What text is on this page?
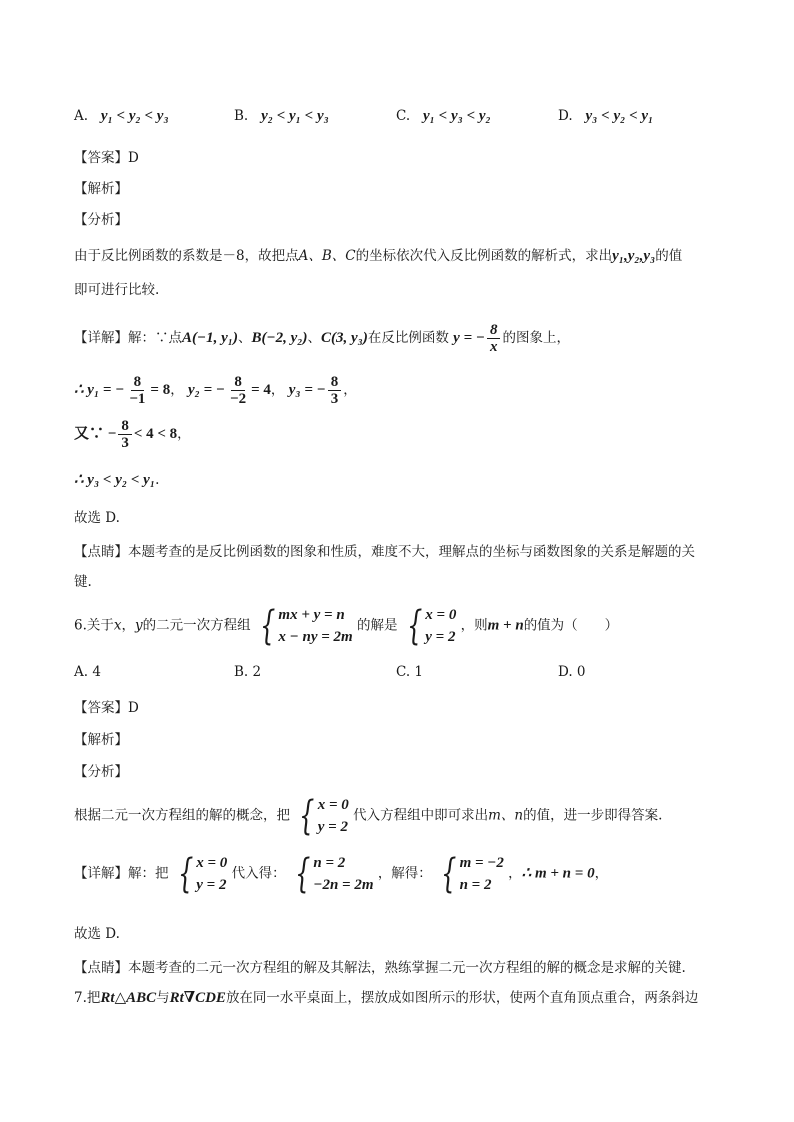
A. y₁ < y₂ < y₃	B. y₂ < y₁ < y₃	C. y₁ < y₃ < y₂	D. y₃ < y₂ < y₁
【答案】D
【解析】
【分析】
由于反比例函数的系数是－8，故把点A、B、C的坐标依次代入反比例函数的解析式，求出y₁,y₂,y₃的值
即可进行比较.
【详解】解：∵点A(−1, y₁)、B(−2, y₂)、C(3, y₃)在反比例函数 y = − $\frac{8}{x}$ 的图象上，
∴ y₁ = − $\frac{8}{-1} = 8$， y₂ = − $\frac{8}{-2} = 4$， y₃ = − $\frac{8}{3}$ ，
又∵ − $\frac{8}{3} < 4 < 8$，
∴ y₃ < y₂ < y₁.
故选 D.
【点睛】本题考查的是反比例函数的图象和性质，难度不大，理解点的坐标与函数图象的关系是解题的关
键.
6.关于x，y的二元一次方程组 { mx + y = n
x − ny = 2m
的解是 { x = 0
y = 2
，则m + n的值为（　　）
A. 4	B. 2	C. 1	D. 0
【答案】D
【解析】
【分析】
根据二元一次方程组的解的概念，把 { x = 0
y = 2
代入方程组中即可求出m、n的值，进一步即得答案.
【详解】解：把 { x = 0
y = 2
代入得： { n = 2
−2n = 2m
，解得： { m = −2
n = 2
，∴ m + n = 0，
故选 D.
【点睛】本题考查的二元一次方程组的解及其解法，熟练掌握二元一次方程组的解的概念是求解的关键.
7.把Rt△ABC与Rt∇CDE放在同一水平桌面上，摆放成如图所示的形状，使两个直角顶点重合，两条斜边
